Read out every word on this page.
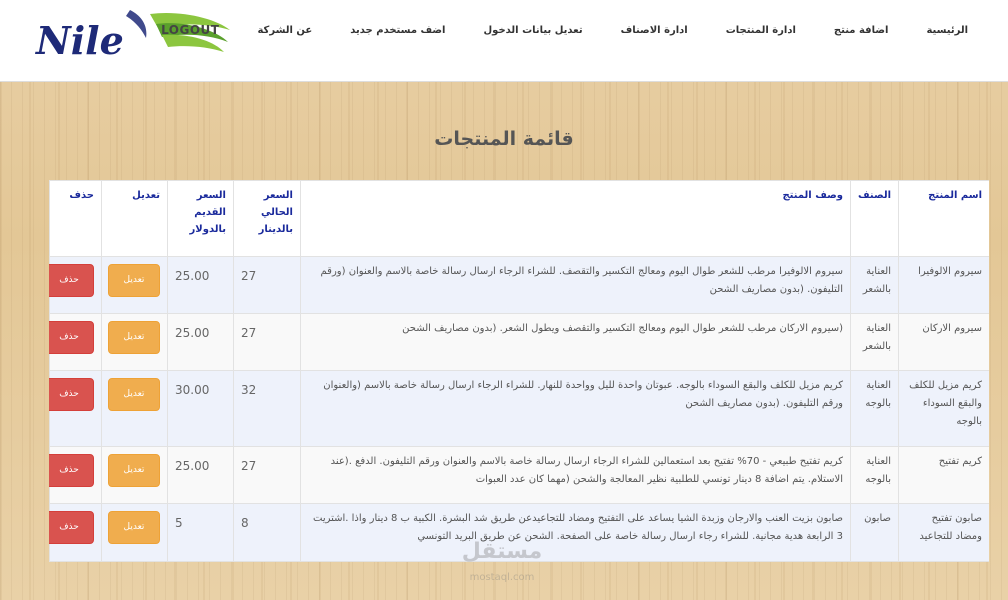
Nile	الرئيسية
اضافة منتج
ادارة المنتجات
ادارة الاصناف
تعديل بيانات الدخول
اضف مستخدم جديد
عن الشركة
LOGOUT
قائمة المنتجات
اسم المنتج	الصنف	وصف المنتج	السعر الحالي بالدينار	السعر القديم بالدولار	تعديل	حذف
سيروم الالوفيرا	العناية بالشعر	سيروم الالوفيرا مرطب للشعر طوال اليوم ومعالج التكسير والتقصف. للشراء الرجاء ارسال رسالة خاصة بالاسم والعنوان (ورقم التليفون. (بدون مصاريف الشحن	27	25.00	تعديل	حذف
سيروم الاركان	العناية بالشعر	(سيروم الاركان مرطب للشعر طوال اليوم ومعالج التكسير والتقصف ويطول الشعر. (بدون مصاريف الشحن	27	25.00	تعديل	حذف
كريم مزيل للكلف والبقع السوداء بالوجه	العناية بالوجه	كريم مزيل للكلف والبقع السوداء بالوجه. عبوتان واحدة لليل وواحدة للنهار. للشراء الرجاء ارسال رسالة خاصة بالاسم (والعنوان ورقم التليفون. (بدون مصاريف الشحن	32	30.00	تعديل	حذف
كريم تفتيح	العناية بالوجه	كريم تفتيح طبيعي - 70% تفتيح بعد استعمالين للشراء الرجاء ارسال رسالة خاصة بالاسم والعنوان ورقم التليفون. الدفع .(عند الاستلام. يتم اضافة 8 دينار تونسي للطلبية نظير المعالجة والشحن (مهما كان عدد العبوات	27	25.00	تعديل	حذف
صابون تفتيح ومضاد للتجاعيد	صابون	صابون بزيت العنب والارجان وزبدة الشيا يساعد على التفتيح ومضاد للتجاعيدعن طريق شد البشرة. الكبية ب 8 دينار واذا .اشتريت 3 الرابعة هدية مجانية. للشراء رجاء ارسال رسالة خاصة على الصفحة. الشحن عن طريق البريد التونسي	8	5	تعديل	حذف
مستقل
mostaql.com
